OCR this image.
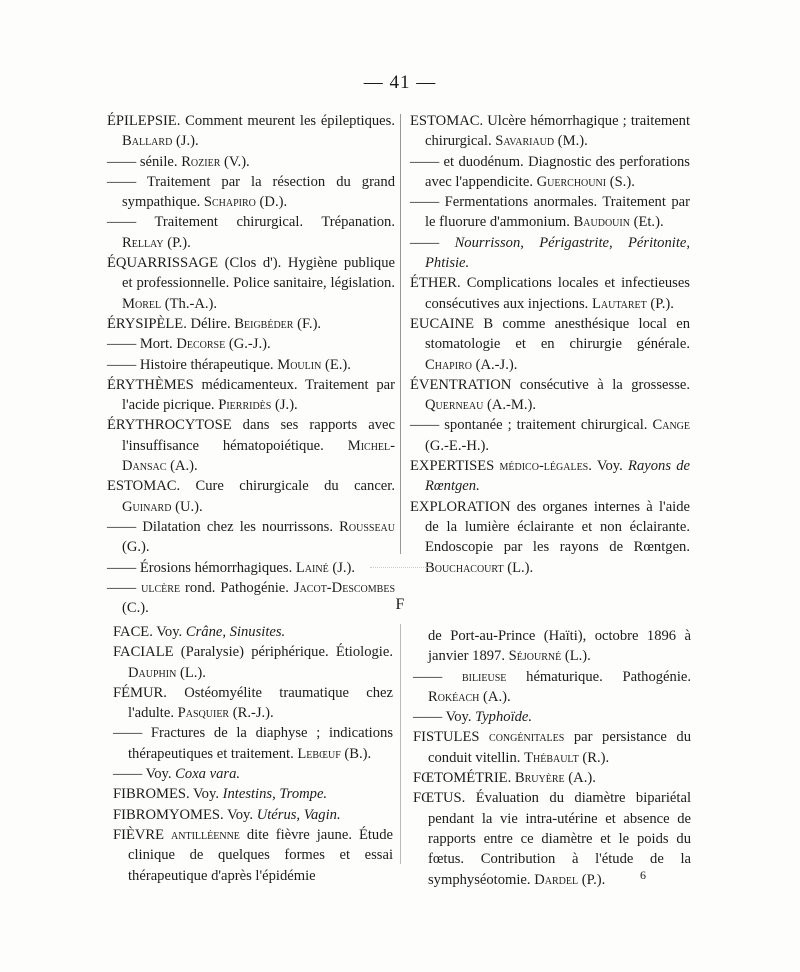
— 41 —
ÉPILEPSIE. Comment meurent les épileptiques. Ballard (J.).
—— sénile. Rozier (V.).
—— Traitement par la résection du grand sympathique. Schapiro (D.).
—— Traitement chirurgical. Trépanation. Rellay (P.).
ÉQUARRISSAGE (Clos d'). Hygiène publique et professionnelle. Police sanitaire, législation. Morel (Th.-A.).
ÉRYSIPÈLE. Délire. Beigbéder (F.).
—— Mort. Decorse (G.-J.).
—— Histoire thérapeutique. Moulin (E.).
ÉRYTHÈMES médicamenteux. Traitement par l'acide picrique. Pierridès (J.).
ÉRYTHROCYTOSE dans ses rapports avec l'insuffisance hématopoiétique. Michel-Dansac (A.).
ESTOMAC. Cure chirurgicale du cancer. Guinard (U.).
—— Dilatation chez les nourrissons. Rousseau (G.).
—— Érosions hémorrhagiques. Lainé (J.).
—— ulcère rond. Pathogénie. Jacot-Descombes (C.).
ESTOMAC. Ulcère hémorrhagique ; traitement chirurgical. Savariaud (M.).
—— et duodénum. Diagnostic des perforations avec l'appendicite. Guerchouni (S.).
—— Fermentations anormales. Traitement par le fluorure d'ammonium. Baudouin (Et.).
—— Nourrisson, Périgastrite, Péritonite, Phtisie.
ÉTHER. Complications locales et infectieuses consécutives aux injections. Lautaret (P.).
EUCAINE B comme anesthésique local en stomatologie et en chirurgie générale. Chapiro (A.-J.).
ÉVENTRATION consécutive à la grossesse. Querneau (A.-M.).
—— spontanée ; traitement chirurgical. Cange (G.-E.-H.).
EXPERTISES médico-légales. Voy. Rayons de Rœntgen.
EXPLORATION des organes internes à l'aide de la lumière éclairante et non éclairante. Endoscopie par les rayons de Rœntgen. Bouchacourt (L.).
F
FACE. Voy. Crâne, Sinusites.
FACIALE (Paralysie) périphérique. Étiologie. Dauphin (L.).
FÉMUR. Ostéomyélite traumatique chez l'adulte. Pasquier (R.-J.).
—— Fractures de la diaphyse ; indications thérapeutiques et traitement. Lebœuf (B.).
—— Voy. Coxa vara.
FIBROMES. Voy. Intestins, Trompe.
FIBROMYOMES. Voy. Utérus, Vagin.
FIÈVRE antilléenne dite fièvre jaune. Étude clinique de quelques formes et essai thérapeutique d'après l'épidémie
de Port-au-Prince (Haïti), octobre 1896 à janvier 1897. Séjourné (L.).
—— bilieuse hématurique. Pathogénie. Rokéach (A.).
—— Voy. Typhoïde.
FISTULES congénitales par persistance du conduit vitellin. Thébault (R.).
FŒTOMÉTRIE. Bruyère (A.).
FŒTUS. Évaluation du diamètre bipariétal pendant la vie intra-utérine et absence de rapports entre ce diamètre et le poids du fœtus. Contribution à l'étude de la symphyséotomie. Dardel (P.).	6
